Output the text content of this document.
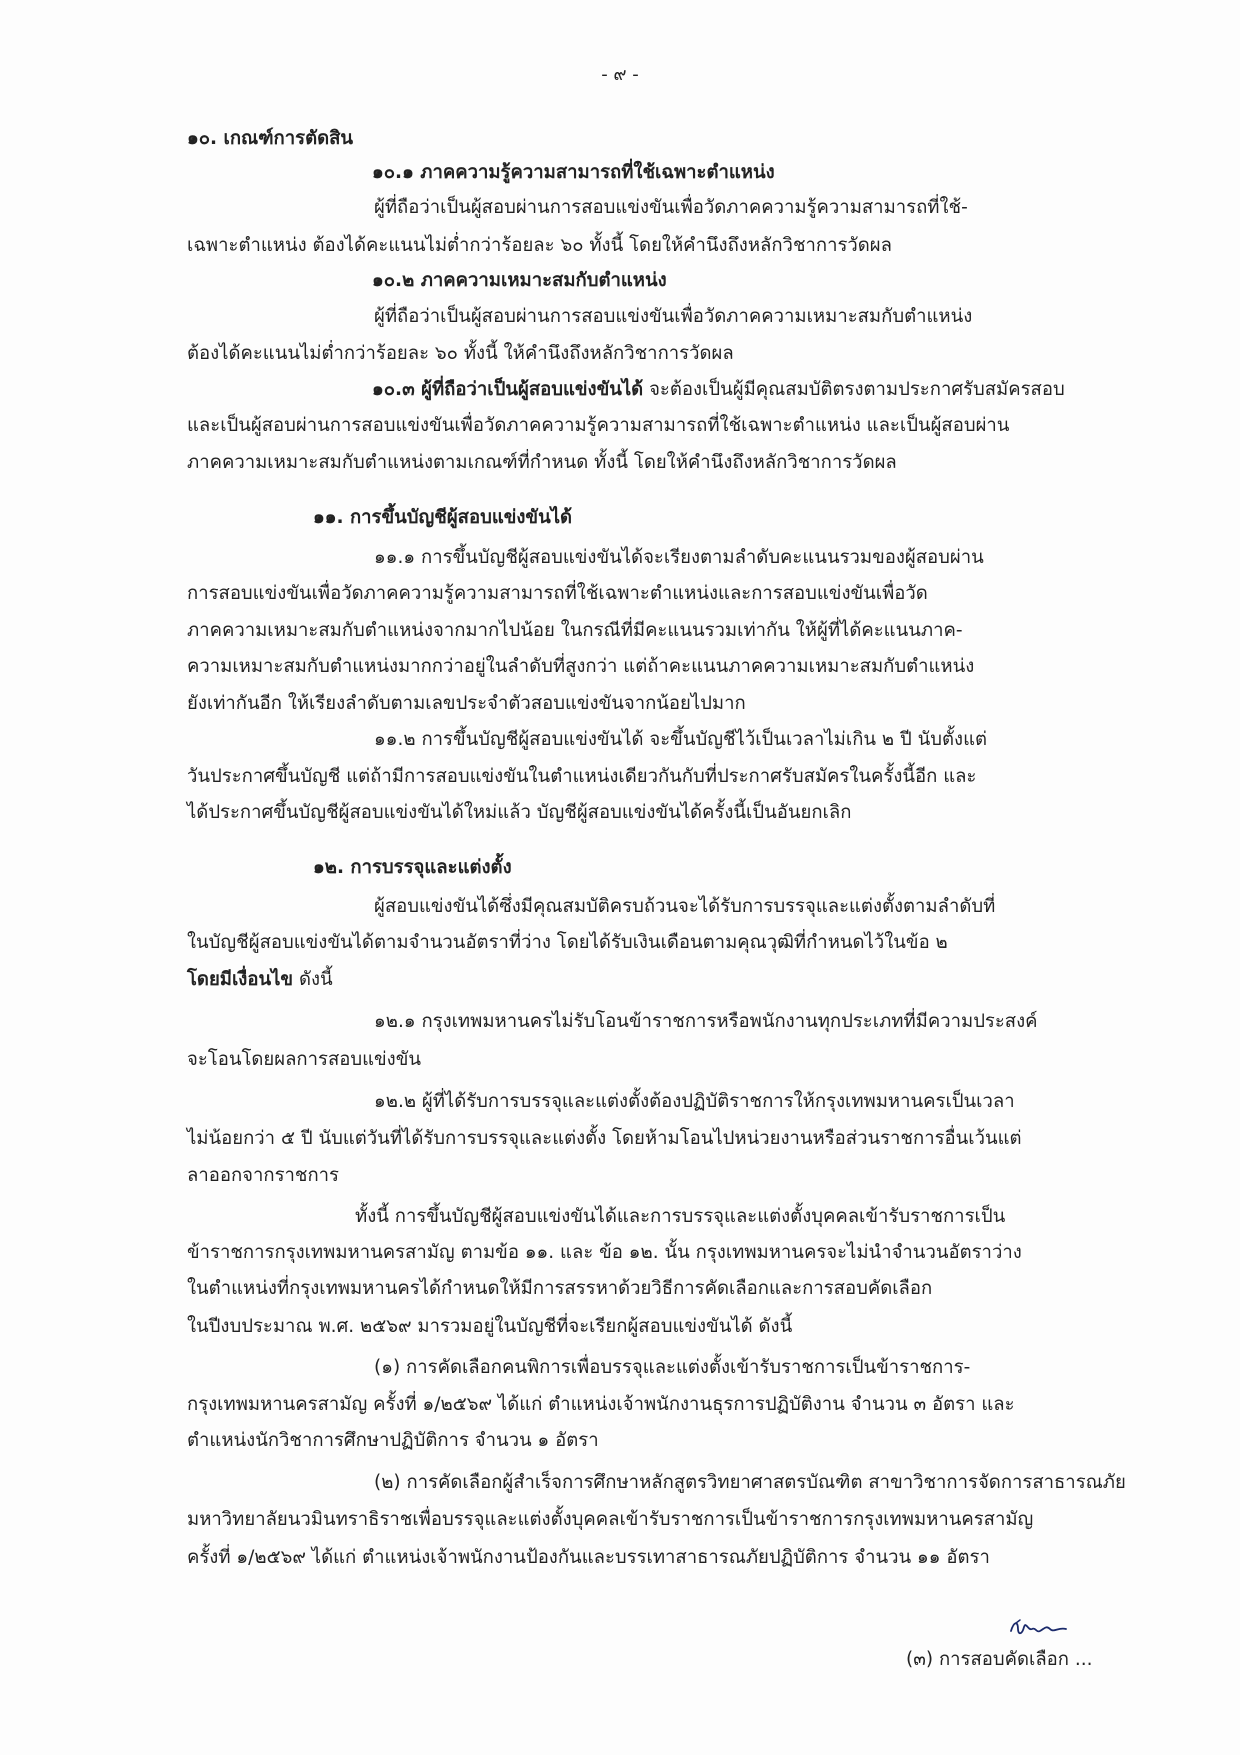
- ๙ -
๑๐. เกณฑ์การตัดสิน
๑๐.๑ ภาคความรู้ความสามารถที่ใช้เฉพาะตำแหน่ง
ผู้ที่ถือว่าเป็นผู้สอบผ่านการสอบแข่งขันเพื่อวัดภาคความรู้ความสามารถที่ใช้-
เฉพาะตำแหน่ง ต้องได้คะแนนไม่ต่ำกว่าร้อยละ ๖๐ ทั้งนี้ โดยให้คำนึงถึงหลักวิชาการวัดผล
๑๐.๒ ภาคความเหมาะสมกับตำแหน่ง
ผู้ที่ถือว่าเป็นผู้สอบผ่านการสอบแข่งขันเพื่อวัดภาคความเหมาะสมกับตำแหน่ง
ต้องได้คะแนนไม่ต่ำกว่าร้อยละ ๖๐ ทั้งนี้ ให้คำนึงถึงหลักวิชาการวัดผล
๑๐.๓ ผู้ที่ถือว่าเป็นผู้สอบแข่งขันได้ จะต้องเป็นผู้มีคุณสมบัติตรงตามประกาศรับสมัครสอบ
และเป็นผู้สอบผ่านการสอบแข่งขันเพื่อวัดภาคความรู้ความสามารถที่ใช้เฉพาะตำแหน่ง และเป็นผู้สอบผ่าน
ภาคความเหมาะสมกับตำแหน่งตามเกณฑ์ที่กำหนด ทั้งนี้ โดยให้คำนึงถึงหลักวิชาการวัดผล
๑๑. การขึ้นบัญชีผู้สอบแข่งขันได้
๑๑.๑ การขึ้นบัญชีผู้สอบแข่งขันได้จะเรียงตามลำดับคะแนนรวมของผู้สอบผ่าน
การสอบแข่งขันเพื่อวัดภาคความรู้ความสามารถที่ใช้เฉพาะตำแหน่งและการสอบแข่งขันเพื่อวัด
ภาคความเหมาะสมกับตำแหน่งจากมากไปน้อย ในกรณีที่มีคะแนนรวมเท่ากัน ให้ผู้ที่ได้คะแนนภาค-
ความเหมาะสมกับตำแหน่งมากกว่าอยู่ในลำดับที่สูงกว่า แต่ถ้าคะแนนภาคความเหมาะสมกับตำแหน่ง
ยังเท่ากันอีก ให้เรียงลำดับตามเลขประจำตัวสอบแข่งขันจากน้อยไปมาก
๑๑.๒ การขึ้นบัญชีผู้สอบแข่งขันได้ จะขึ้นบัญชีไว้เป็นเวลาไม่เกิน ๒ ปี นับตั้งแต่
วันประกาศขึ้นบัญชี แต่ถ้ามีการสอบแข่งขันในตำแหน่งเดียวกันกับที่ประกาศรับสมัครในครั้งนี้อีก และ
ได้ประกาศขึ้นบัญชีผู้สอบแข่งขันได้ใหม่แล้ว บัญชีผู้สอบแข่งขันได้ครั้งนี้เป็นอันยกเลิก
๑๒. การบรรจุและแต่งตั้ง
ผู้สอบแข่งขันได้ซึ่งมีคุณสมบัติครบถ้วนจะได้รับการบรรจุและแต่งตั้งตามลำดับที่
ในบัญชีผู้สอบแข่งขันได้ตามจำนวนอัตราที่ว่าง โดยได้รับเงินเดือนตามคุณวุฒิที่กำหนดไว้ในข้อ ๒
โดยมีเงื่อนไข ดังนี้
๑๒.๑ กรุงเทพมหานครไม่รับโอนข้าราชการหรือพนักงานทุกประเภทที่มีความประสงค์
จะโอนโดยผลการสอบแข่งขัน
๑๒.๒ ผู้ที่ได้รับการบรรจุและแต่งตั้งต้องปฏิบัติราชการให้กรุงเทพมหานครเป็นเวลา
ไม่น้อยกว่า ๕ ปี นับแต่วันที่ได้รับการบรรจุและแต่งตั้ง โดยห้ามโอนไปหน่วยงานหรือส่วนราชการอื่นเว้นแต่
ลาออกจากราชการ
ทั้งนี้ การขึ้นบัญชีผู้สอบแข่งขันได้และการบรรจุและแต่งตั้งบุคคลเข้ารับราชการเป็น
ข้าราชการกรุงเทพมหานครสามัญ ตามข้อ ๑๑. และ ข้อ ๑๒. นั้น กรุงเทพมหานครจะไม่นำจำนวนอัตราว่าง
ในตำแหน่งที่กรุงเทพมหานครได้กำหนดให้มีการสรรหาด้วยวิธีการคัดเลือกและการสอบคัดเลือก
ในปีงบประมาณ พ.ศ. ๒๕๖๙ มารวมอยู่ในบัญชีที่จะเรียกผู้สอบแข่งขันได้ ดังนี้
(๑) การคัดเลือกคนพิการเพื่อบรรจุและแต่งตั้งเข้ารับราชการเป็นข้าราชการ-
กรุงเทพมหานครสามัญ ครั้งที่ ๑/๒๕๖๙ ได้แก่ ตำแหน่งเจ้าพนักงานธุรการปฏิบัติงาน จำนวน ๓ อัตรา และ
ตำแหน่งนักวิชาการศึกษาปฏิบัติการ จำนวน ๑ อัตรา
(๒) การคัดเลือกผู้สำเร็จการศึกษาหลักสูตรวิทยาศาสตรบัณฑิต สาขาวิชาการจัดการสาธารณภัย
มหาวิทยาลัยนวมินทราธิราชเพื่อบรรจุและแต่งตั้งบุคคลเข้ารับราชการเป็นข้าราชการกรุงเทพมหานครสามัญ
ครั้งที่ ๑/๒๕๖๙ ได้แก่ ตำแหน่งเจ้าพนักงานป้องกันและบรรเทาสาธารณภัยปฏิบัติการ จำนวน ๑๑ อัตรา
(๓) การสอบคัดเลือก ...
